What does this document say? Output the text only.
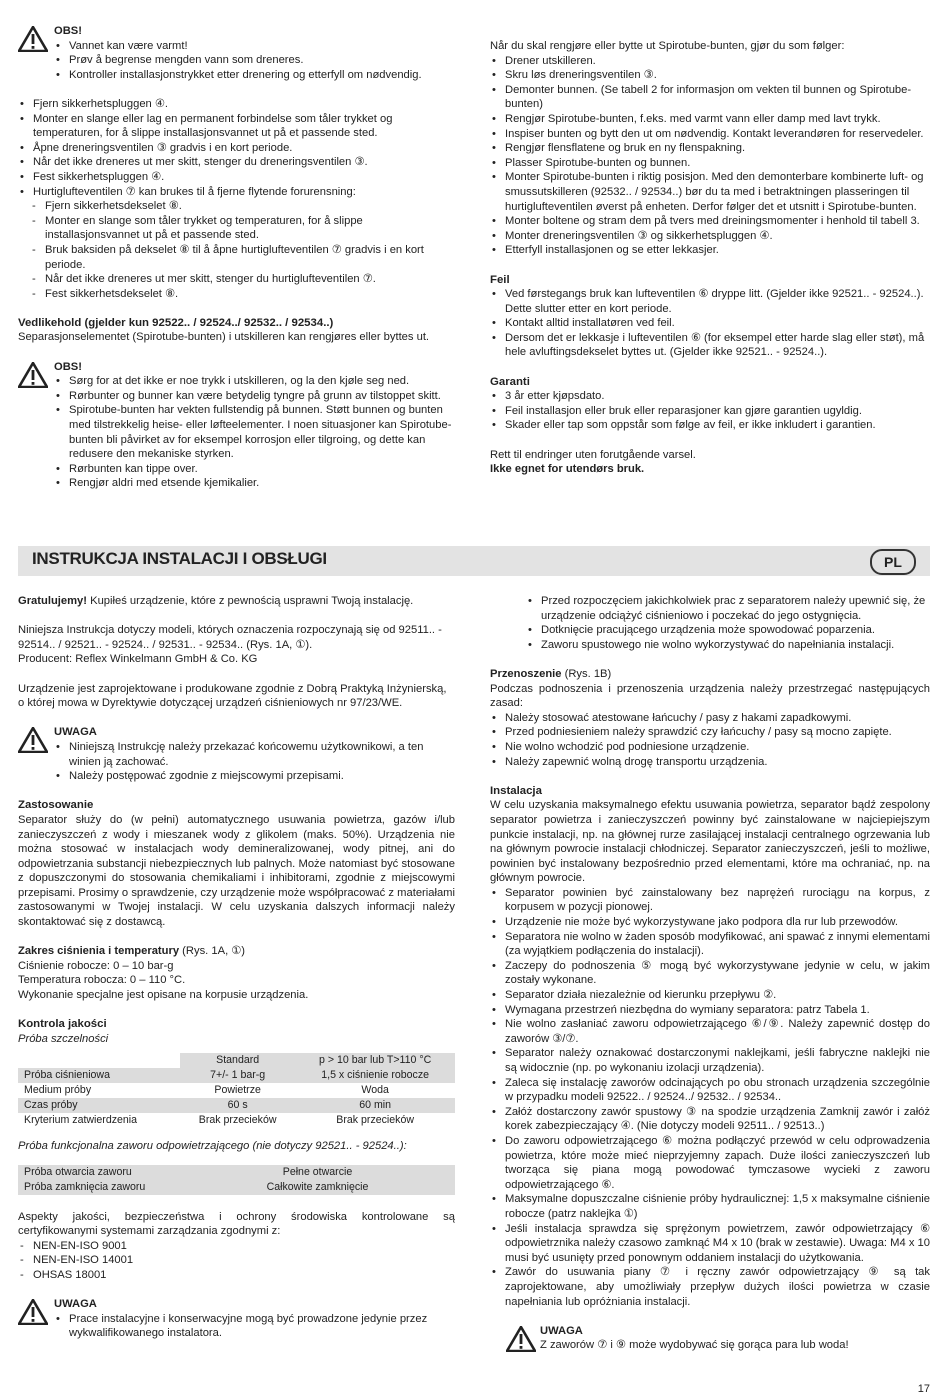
OBS!
• Vannet kan være varmt!
• Prøv å begrense mengden vann som dreneres.
• Kontroller installasjonstrykket etter drenering og etterfyll om nødvendig.
• Fjern sikkerhetspluggen ④.
• Monter en slange eller lag en permanent forbindelse som tåler trykket og temperaturen, for å slippe installasjonsvannet ut på et passende sted.
• Åpne dreneringsventilen ③ gradvis i en kort periode.
• Når det ikke dreneres ut mer skitt, stenger du dreneringsventilen ③.
• Fest sikkerhetspluggen ④.
• Hurtiglufteventilen ⑦ kan brukes til å fjerne flytende forurensning:
- Fjern sikkerhetsdekselet ⑧.
- Monter en slange som tåler trykket og temperaturen, for å slippe installasjonsvannet ut på et passende sted.
- Bruk baksiden på dekselet ⑧ til å åpne hurtiglufteventilen ⑦ gradvis i en kort periode.
- Når det ikke dreneres ut mer skitt, stenger du hurtiglufteventilen ⑦.
- Fest sikkerhetsdekselet ⑧.
Vedlikehold (gjelder kun 92522.. / 92524../ 92532.. / 92534..)

Separasjonselementet (Spirotube-bunten) i utskilleren kan rengjøres eller byttes ut.

OBS!
• Sørg for at det ikke er noe trykk i utskilleren, og la den kjøle seg ned.
• Rørbunter og bunner kan være betydelig tyngre på grunn av tilstoppet skitt.
• Spirotube-bunten har vekten fullstendig på bunnen. Støtt bunnen og bunten med tilstrekkelig heise- eller løfteelementer. I noen situasjoner kan Spirotube-bunten bli påvirket av for eksempel korrosjon eller tilgroing, og dette kan redusere den mekaniske styrken.
• Rørbunten kan tippe over.
• Rengjør aldri med etsende kjemikalier.

Når du skal rengjøre eller bytte ut Spirotube-bunten, gjør du som følger:

• Drener utskilleren.
• Skru løs dreneringsventilen ③.
• Demonter bunnen. (Se tabell 2 for informasjon om vekten til bunnen og Spirotube-bunten)
• Rengjør Spirotube-bunten, f.eks. med varmt vann eller damp med lavt trykk.
• Inspiser bunten og bytt den ut om nødvendig. Kontakt leverandøren for reservedeler.
• Rengjør flensflatene og bruk en ny flenspakning.
• Plasser Spirotube-bunten og bunnen.
• Monter Spirotube-bunten i riktig posisjon. Med den demonterbare kombinerte luft- og smussutskilleren (92532.. / 92534..) bør du ta med i betraktningen plasseringen til hurtiglufteventilen øverst på enheten. Derfor følger det et utsnitt i Spirotube-bunten.
• Monter boltene og stram dem på tvers med dreiningsmomenter i henhold til tabell 3.
• Monter dreneringsventilen ③ og sikkerhetspluggen ④.
• Etterfyll installasjonen og se etter lekkasjer.
Feil
• Ved førstegangs bruk kan lufteventilen ⑥ dryppe litt. (Gjelder ikke 92521.. - 92524..). Dette slutter etter en kort periode.
• Kontakt alltid installatøren ved feil.
• Dersom det er lekkasje i lufteventilen ⑥ (for eksempel etter harde slag eller støt), må hele avluftingsdekselet byttes ut. (Gjelder ikke 92521.. - 92524..).
Garanti
• 3 år etter kjøpsdato.
• Feil installasjon eller bruk eller reparasjoner kan gjøre garantien ugyldig.
• Skader eller tap som oppstår som følge av feil, er ikke inkludert i garantien.

Rett til endringer uten forutgående varsel.

Ikke egnet for utendørs bruk.

INSTRUKCJA INSTALACJI I OBSŁUGI	PL

Gratulujemy! Kupiłeś urządzenie, które z pewnością usprawni Twoją instalację.

Niniejsza Instrukcja dotyczy modeli, których oznaczenia rozpoczynają się od 92511.. - 92514.. / 92521.. - 92524.. / 92531.. - 92534.. (Rys. 1A, ①).

Producent: Reflex Winkelmann GmbH & Co. KG

Urządzenie jest zaprojektowane i produkowane zgodnie z Dobrą Praktyką Inżynierską, o której mowa w Dyrektywie dotyczącej urządzeń ciśnieniowych nr 97/23/WE.

UWAGA
• Niniejszą Instrukcję należy przekazać końcowemu użytkownikowi, a ten winien ją zachować.
• Należy postępować zgodnie z miejscowymi przepisami.
Zastosowanie

Separator służy do (w pełni) automatycznego usuwania powietrza, gazów i/lub zanieczyszczeń z wody i mieszanek wody z glikolem (maks. 50%). Urządzenia nie można stosować w instalacjach wody demineralizowanej, wody pitnej, ani do odpowietrzania substancji niebezpiecznych lub palnych. Może natomiast być stosowane z dopuszczonymi do stosowania chemikaliami i inhibitorami, zgodnie z miejscowymi przepisami. Prosimy o sprawdzenie, czy urządzenie może współpracować z materiałami zastosowanymi w Twojej instalacji. W celu uzyskania dalszych informacji należy skontaktować się z dostawcą.

Zakres ciśnienia i temperatury (Rys. 1A, ①)

Ciśnienie robocze: 0 – 10 bar-g

Temperatura robocza: 0 – 110 °C.

Wykonanie specjalne jest opisane na korpusie urządzenia.

Kontrola jakości

Próba szczelności

	Standard	p > 10 bar lub T>110 °C
Próba ciśnieniowa	7+/- 1 bar-g	1,5 x ciśnienie robocze
Medium próby	Powietrze	Woda
Czas próby	60 s	60 min
Kryterium zatwierdzenia	Brak przecieków	Brak przecieków

Próba funkcjonalna zaworu odpowietrzającego (nie dotyczy 92521.. - 92524..):

Próba otwarcia zaworu	Pełne otwarcie
Próba zamknięcia zaworu	Całkowite zamknięcie

Aspekty jakości, bezpieczeństwa i ochrony środowiska kontrolowane są certyfikowanymi systemami zarządzania zgodnymi z:

- NEN-EN-ISO 9001
- NEN-EN-ISO 14001
- OHSAS 18001
UWAGA
• Prace instalacyjne i konserwacyjne mogą być prowadzone jedynie przez wykwalifikowanego instalatora.
• Przed rozpoczęciem jakichkolwiek prac z separatorem należy upewnić się, że urządzenie odciążyć ciśnieniowo i poczekać do jego ostygnięcia.
• Dotknięcie pracującego urządzenia może spowodować poparzenia.
• Zaworu spustowego nie wolno wykorzystywać do napełniania instalacji.

Przenoszenie (Rys. 1B)

Podczas podnoszenia i przenoszenia urządzenia należy przestrzegać następujących zasad:

• Należy stosować atestowane łańcuchy / pasy z hakami zapadkowymi.
• Przed podniesieniem należy sprawdzić czy łańcuchy / pasy są mocno zapięte.
• Nie wolno wchodzić pod podniesione urządzenie.
• Należy zapewnić wolną drogę transportu urządzenia.
Instalacja

W celu uzyskania maksymalnego efektu usuwania powietrza, separator bądź zespolony separator powietrza i zanieczyszczeń powinny być zainstalowane w najciepiejszym punkcie instalacji, np. na głównej rurze zasilającej instalacji centralnego ogrzewania lub na głównym powrocie instalacji chłodniczej. Separator zanieczyszczeń, jeśli to możliwe, powinien być instalowany bezpośrednio przed elementami, które ma ochraniać, np. na głównym powrocie.

• Separator powinien być zainstalowany bez naprężeń rurociągu na korpus, z korpusem w pozycji pionowej.
• Urządzenie nie może być wykorzystywane jako podpora dla rur lub przewodów.
• Separatora nie wolno w żaden sposób modyfikować, ani spawać z innymi elementami (za wyjątkiem podłączenia do instalacji).
• Zaczepy do podnoszenia ⑤ mogą być wykorzystywane jedynie w celu, w jakim zostały wykonane.
• Separator działa niezależnie od kierunku przepływu ②.
• Wymagana przestrzeń niezbędna do wymiany separatora: patrz Tabela 1.
• Nie wolno zasłaniać zaworu odpowietrzającego ⑥/⑨. Należy zapewnić dostęp do zaworów ③/⑦.
• Separator należy oznakować dostarczonymi naklejkami, jeśli fabryczne naklejki nie są widocznie (np. po wykonaniu izolacji urządzenia).
• Zaleca się instalację zaworów odcinających po obu stronach urządzenia szczególnie w przypadku modeli 92522.. / 92524../ 92532.. / 92534..
• Załóż dostarczony zawór spustowy ③ na spodzie urządzenia Zamknij zawór i załóż korek zabezpieczający ④. (Nie dotyczy modeli 92511.. / 92513..)
• Do zaworu odpowietrzającego ⑥ można podłączyć przewód w celu odprowadzenia powietrza, które może mieć nieprzyjemny zapach. Duże ilości zanieczyszczeń lub tworząca się piana mogą powodować tymczasowe wycieki z zaworu odpowietrzającego ⑥.
• Maksymalne dopuszczalne ciśnienie próby hydraulicznej: 1,5 x maksymalne ciśnienie robocze (patrz naklejka ①)
• Jeśli instalacja sprawdza się sprężonym powietrzem, zawór odpowietrzający ⑥ odpowietrznika należy czasowo zamknąć M4 x 10 (brak w zestawie). Uwaga: M4 x 10 musi być usunięty przed ponownym oddaniem instalacji do użytkowania.
• Zawór do usuwania piany ⑦ i ręczny zawór odpowietrzający ⑨ są tak zaprojektowane, aby umożliwiały przepływ dużych ilości powietrza w czasie napełniania lub opróżniania instalacji.
UWAGA

Z zaworów ⑦ i ⑨ może wydobywać się gorąca para lub woda!

17
